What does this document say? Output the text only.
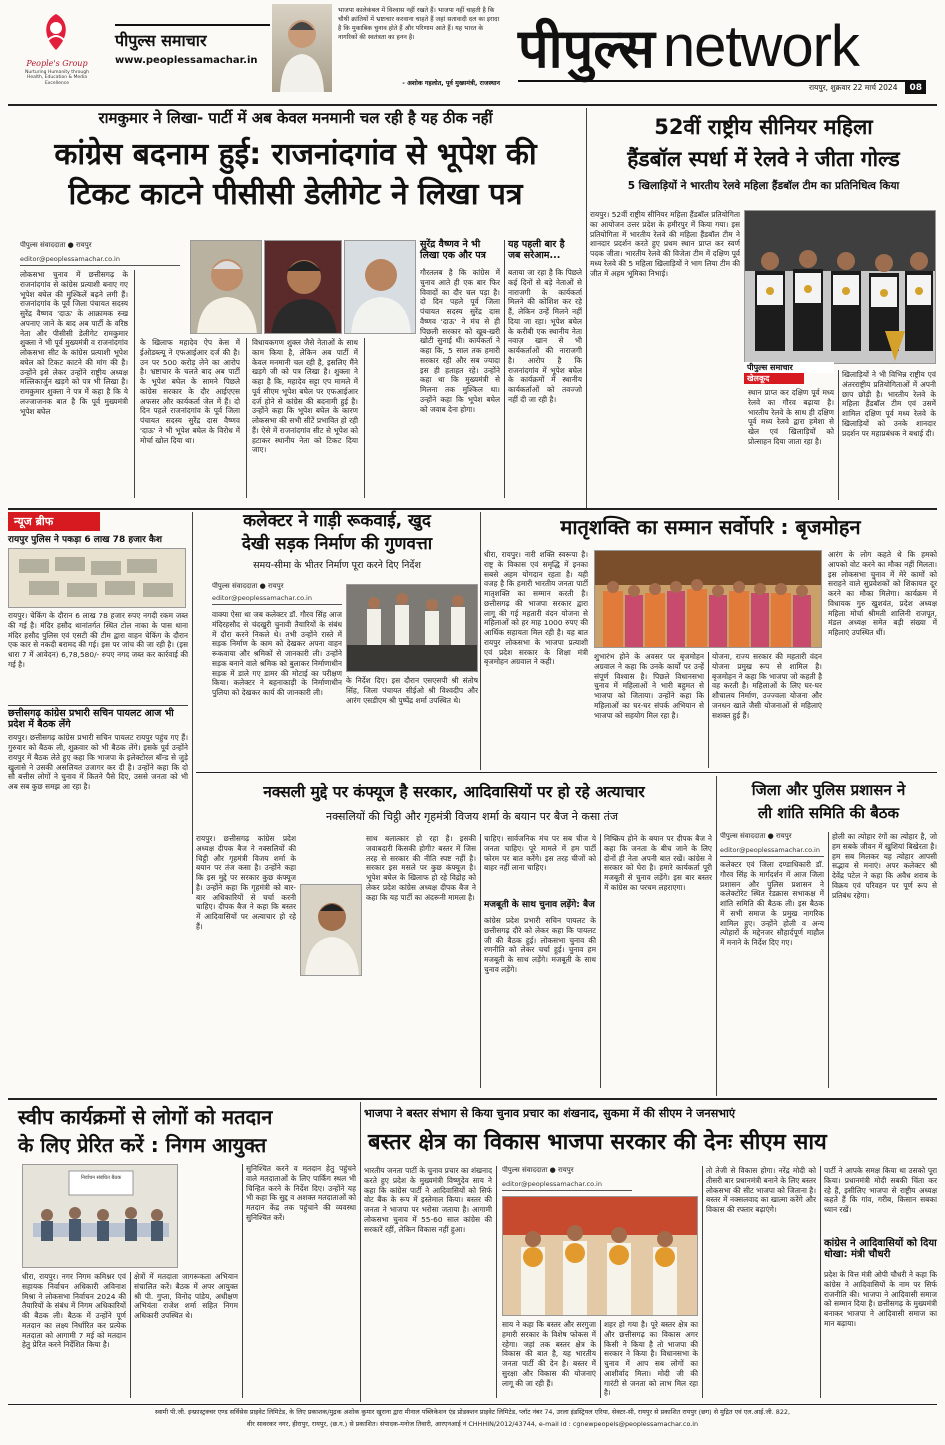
People's Group
Nurturing Humanity through Health, Education & Media Excellence
पीपुल्स समाचार
www.peoplessamachar.in
भाजपा कालेकंबल में विश्वास नहीं रखते हैं। भाजपा नहीं चाहती है कि चौथी क्रांतियों में भ्रष्टाचार करवाना चाहते हैं जहां सतावादी दल का इरादा है कि मुकाबिक चुनाव होते हैं और परिणाम आते हैं। यह भारत के नागरिकों की स्वतंत्रता का हनन है।
- अशोक गहलोत, पूर्व मुख्यमंत्री, राजस्थान
पीपुल्स network
रायपुर, शुक्रवार 22 मार्च 2024	08
रामकुमार ने लिखा- पार्टी में अब केवल मनमानी चल रही है यह ठीक नहीं
कांग्रेस बदनाम हुई: राजनांदगांव से भूपेश की
टिकट काटने पीसीसी डेलीगेट ने लिखा पत्र
पीपुल्स संवाददाता ● रायपुर
editor@peoplessamachar.co.in
लोकसभा चुनाव में छत्तीसगढ़ के राजनांदगांव से कांग्रेस प्रत्याशी बनाए गए भूपेश बघेल की मुश्किलें बढ़ने लगी हैं। राजनांदगांव के पूर्व जिला पंचायत सदस्य सुरेंद्र वैष्णव 'दाऊ' के आक्रामक रुख अपनाए जाने के बाद अब पार्टी के वरिष्ठ नेता और पीसीसी डेलीगेट रामकुमार शुक्ला ने भी पूर्व मुख्यमंत्री व राजनांदगांव लोकसभा सीट के कांग्रेस प्रत्याशी भूपेश बघेल को टिकट काटने की मांग की है। उन्होंने इसे लेकर उन्होंने राष्ट्रीय अध्यक्ष मल्लिकार्जुन खड़गे को पत्र भी लिखा है। रामकुमार शुक्ला ने पत्र में कहा है कि ये लज्जाजनक बात है कि पूर्व मुख्यमंत्री भूपेश बघेल
के खिलाफ महादेव ऐप केस में ईओडब्ल्यू ने एफआईआर दर्ज की है। उन पर 500 करोड़ लेने का आरोप है। भ्रष्टाचार के चलते बाद अब पार्टी के भूपेश बघेल के सामने पिछले कांग्रेस सरकार के दौर आईएएस अफसर और कार्यकर्ता जेल में हैं। दो दिन पहले राजनांदगांव के पूर्व जिला पंचायत सदस्य सुरेंद्र दास वैष्णव 'दाऊ' ने भी भूपेश बघेल के विरोध में मोर्चा खोल दिया था।
विधायकगण शुक्ल जैसे नेताओं के साथ काम किया है, लेकिन अब पार्टी में केवल मनमानी चल रही है, इसलिए मैंने खड़गे जी को पत्र लिखा है। शुक्ला ने कहा है कि, महादेव सट्टा एप मामले में पूर्व सीएम भूपेश बघेल पर एफआईआर दर्ज होने से कांग्रेस की बदनामी हुई है। उन्होंने कहा कि भूपेश बघेल के कारण लोकसभा की सभी सीटें प्रभावित हो रही हैं। ऐसे में राजनांदगांव सीट से भूपेश को हटाकर स्थानीय नेता को टिकट दिया जाए।
सुरेंद्र वैष्णव ने भी लिखा एक और पत्र
गौरतलब है कि कांग्रेस में चुनाव आते ही एक बार फिर विवादों का दौर चल पड़ा है। दो दिन पहले पूर्व जिला पंचायत सदस्य सुरेंद्र दास वैष्णव 'दाऊ' ने मंच से ही पिछली सरकार को खूब-खरी खोटी सुनाई थी। कार्यकर्ता ने कहा कि, 5 साल तक हमारी सरकार रही और सब ज्यादा इस ही हताहत रहे। उन्होंने कहा था कि मुख्यमंत्री से मिलना तक मुश्किल था। उन्होंने कहा कि भूपेश बघेल को जवाब देना होगा।
यह पहली बार है जब सरेआम...
बताया जा रहा है कि पिछले कई दिनों से बड़े नेताओं से नाराजगी के कार्यकर्ता मिलने की कोशिश कर रहे हैं, लेकिन उन्हें मिलने नहीं दिया जा रहा। भूपेश बघेल के करीबी एक स्थानीय नेता नवाज़ खान से भी कार्यकर्ताओं की नाराजगी है। आरोप है कि राजनांदगांव में भूपेश बघेल के कार्यक्रमों में स्थानीय कार्यकर्ताओं को तवज्जो नहीं दी जा रही है।
52वीं राष्ट्रीय सीनियर महिला
हैंडबॉल स्पर्धा में रेलवे ने जीता गोल्ड
5 खिलाड़ियों ने भारतीय रेलवे महिला हैंडबॉल टीम का प्रतिनिधित्व किया
रायपुर। 52वीं राष्ट्रीय सीनियर महिला हैंडबॉल प्रतियोगिता का आयोजन उत्तर प्रदेश के हमीरपुर में किया गया। इस प्रतियोगिता में भारतीय रेलवे की महिला हैंडबॉल टीम ने शानदार प्रदर्शन करते हुए प्रथम स्थान प्राप्त कर स्वर्ण पदक जीता। भारतीय रेलवे की विजेता टीम में दक्षिण पूर्व मध्य रेलवे की 5 महिला खिलाड़ियों ने भाग लिया टीम की जीत में अहम भूमिका निभाई।
पीपुल्स समाचार
खेलकूद
स्थान प्राप्त कर दक्षिण पूर्व मध्य रेलवे का गौरव बढ़ाया है। भारतीय रेलवे के साथ ही दक्षिण पूर्व मध्य रेलवे द्वारा हमेशा से खेल एवं खिलाड़ियों को प्रोत्साहन दिया जाता रहा है।
खिलाड़ियों ने भी विभिन्न राष्ट्रीय एवं अंतरराष्ट्रीय प्रतियोगिताओं में अपनी छाप छोड़ी है। भारतीय रेलवे के महिला हैंडबॉल टीम एवं उसमें शामिल दक्षिण पूर्व मध्य रेलवे के खिलाड़ियों को उनके शानदार प्रदर्शन पर महाप्रबंधक ने बधाई दी।
न्यूज ब्रीफ
रायपुर पुलिस ने पकड़ा 6 लाख 78 हजार कैश
रायपुर। चेकिंग के दौरान 6 लाख 78 हजार रुपए नगदी रकम जब्त की गई है। मंदिर हसौद थानांतर्गत स्थित टोल नाका के पास थाना मंदिर हसौद पुलिस एवं एसटी की टीम द्वारा वाहन चेकिंग के दौरान एक कार से नकदी बरामद की गई। इस पर जांच की जा रही है। (इस धारा 7 में आवेदन) 6,78,580/- रुपए नगद जब्त कर कार्रवाई की गई है।
छत्तीसगढ़ कांग्रेस प्रभारी सचिन पायलट आज भी प्रदेश में बैठक लेंगे
रायपुर। छत्तीसगढ़ कांग्रेस प्रभारी सचिन पायलट रायपुर पहुंच गए हैं। गुरुवार को बैठक ली, शुक्रवार को भी बैठक लेंगे। इसके पूर्व उन्होंने रायपुर में बैठक लेते हुए कहा कि भाजपा के इलेक्टोरल बॉन्ड से जुड़े खुलासे ने उसकी असलियत उजागर कर दी है। उन्होंने कहा कि दो सौ बत्तीस लोगों ने चुनाव में कितने पैसे दिए, उससे जनता को भी अब सब कुछ समझ आ रहा है।
कलेक्टर ने गाड़ी रूकवाई, खुद
देखी सड़क निर्माण की गुणवत्ता
समय-सीमा के भीतर निर्माण पूरा करने दिए निर्देश
पीपुल्स संवाददाता ● रायपुर
editor@peoplessamachar.co.in
वाक्या ऐसा था जब कलेक्टर डॉ. गौरव सिंह आज मंदिरहसौद से चंदखुरी चुनावी तैयारियों के संबंध में दौरा करने निकले थे। तभी उन्होंने रास्ते में सड़क निर्माण के काम को देखकर अपना वाहन रूकवाया और श्रमिकों से जानकारी ली। उन्होंने सड़क बनाने वाले श्रमिक को बुलाकर निर्माणाधीन सड़क में डाले गए डामर की मोटाई का परीक्षण किया। कलेक्टर ने बहनाकाड़ी के निर्माणाधीन पुलिया को देखकर कार्य की जानकारी ली।
के निर्देश दिए। इस दौरान एसएसपी श्री संतोष सिंह, जिला पंचायत सीईओ श्री विश्वदीप और आरंग एसडीएम श्री पुष्पेंद्र शर्मा उपस्थित थे।
मातृशक्ति का सम्मान सर्वोपरि : बृजमोहन
धीरा, रायपुर। नारी शक्ति स्वरूपा है। राष्ट्र के विकास एवं समृद्धि में इनका सबसे अहम योगदान रहता है। यही वजह है कि हमारी भारतीय जनता पार्टी मातृशक्ति का सम्मान करती है। छत्तीसगढ़ की भाजपा सरकार द्वारा लागू की गई महतारी वंदन योजना से महिलाओं को हर माह 1000 रुपए की आर्थिक सहायता मिल रही है। यह बात रायपुर लोकसभा के भाजपा प्रत्याशी एवं प्रदेश सरकार के शिक्षा मंत्री बृजमोहन अग्रवाल ने कही।
शुभारंभ होने के अवसर पर बृजमोहन अग्रवाल ने कहा कि उनके कार्यों पर उन्हें संपूर्ण विश्वास है। पिछले विधानसभा चुनाव में महिलाओं ने भारी बहुमत से भाजपा को जिताया। उन्होंने कहा कि महिलाओं का घर-घर संपर्क अभियान से भाजपा को सहयोग मिल रहा है।
योजना, राज्य सरकार की महतारी वंदन योजना प्रमुख रूप से शामिल है। बृजमोहन ने कहा कि भाजपा जो कहती है वह करती है। महिलाओं के लिए घर-घर शौचालय निर्माण, उज्ज्वला योजना और जनधन खाते जैसी योजनाओं से महिलाएं सशक्त हुई हैं।
आरंग के लोग कहते थे कि हमको आपको वोट करने का मौका नहीं मिलता। इस लोकसभा चुनाव में मेरे कामों को सराहने वाले सुप्रवेशकों को शिकायत दूर करने का मौका मिलेगा। कार्यक्रम में विधायक गुरु खुशवंत, प्रदेश अध्यक्ष महिला मोर्चा श्रीमती शालिनी राजपूत, मंडल अध्यक्ष समेत बड़ी संख्या में महिलाएं उपस्थित थीं।
नक्सली मुद्दे पर कंफ्यूज है सरकार, आदिवासियों पर हो रहे अत्याचार
नक्सलियों की चिट्ठी और गृहमंत्री विजय शर्मा के बयान पर बैज ने कसा तंज
रायपुर। छत्तीसगढ़ कांग्रेस प्रदेश अध्यक्ष दीपक बैज ने नक्सलियों की चिट्ठी और गृहमंत्री विजय शर्मा के बयान पर तंज कसा है। उन्होंने कहा कि इस मुद्दे पर सरकार कुछ कंफ्यूज है। उन्होंने कहा कि गृहमंत्री को बार-बार अधिकारियों से चर्चा करनी चाहिए। दीपक बैज ने कहा कि बस्तर में आदिवासियों पर अत्याचार हो रहे हैं।
साथ बलात्कार हो रहा है। इसकी जवाबदारी किसकी होगी? बस्तर में जिस तरह से सरकार की नीति स्पष्ट नहीं है। सरकार इस मसले पर कुछ कंफ्यूज है। भूपेश बघेल के खिलाफ हो रहे विद्रोह को लेकर प्रदेश कांग्रेस अध्यक्ष दीपक बैज ने कहा कि यह पार्टी का अंदरूनी मामला है।
चाहिए। सार्वजनिक मंच पर सब चीज ये जनता चाहिए। पूरे मामले में हम पार्टी फोरम पर बात करेंगे। इस तरह चीजों को बाहर नहीं लाना चाहिए।
मजबूती के साथ चुनाव लड़ेंगे: बैज
कांग्रेस प्रदेश प्रभारी सचिन पायलट के छत्तीसगढ़ दौरे को लेकर कहा कि पायलट जी की बैठक हुई। लोकसभा चुनाव की रणनीति को लेकर चर्चा हुई। चुनाव हम मजबूती के साथ लड़ेंगे। मजबूती के साथ चुनाव लड़ेंगे।
निष्क्रिय होने के बयान पर दीपक बैज ने कहा कि जनता के बीच जाने के लिए दोनों ही नेता अपनी बात रखें। कांग्रेस ने सरकार को घेरा है। हमारे कार्यकर्ता पूरी मजबूती से चुनाव लड़ेंगे। इस बार बस्तर में कांग्रेस का परचम लहराएगा।
जिला और पुलिस प्रशासन ने
ली शांति समिति की बैठक
पीपुल्स संवाददाता ● रायपुर
editor@peoplessamachar.co.in
कलेक्टर एवं जिला दण्डाधिकारी डॉ. गौरव सिंह के मार्गदर्शन में आज जिला प्रशासन और पुलिस प्रशासन ने कलेक्टोरेट स्थित रेडक्रास सभाकक्ष में शांति समिति की बैठक ली। इस बैठक में सभी समाज के प्रमुख नागरिक शामिल हुए। उन्होंने होली व अन्य त्योहारों के मद्देनजर सौहार्दपूर्ण माहौल में मनाने के निर्देश दिए गए।
होली का त्योहार रंगों का त्योहार है, जो हम सबके जीवन में खुशियां बिखेरता है। हम सब मिलकर यह त्योहार आपसी सद्भाव से मनाएं। अपर कलेक्टर श्री देवेंद्र पटेल ने कहा कि अवैध शराब के विक्रय एवं परिवहन पर पूर्ण रूप से प्रतिबंध रहेगा।
स्वीप कार्यक्रमों से लोगों को मतदान
के लिए प्रेरित करें : निगम आयुक्त
निर्वाचन संबंधित बैठक
धीरा, रायपुर। नगर निगम कमिश्नर एवं सहायक निर्वाचन अधिकारी अविनाश मिश्रा ने लोकसभा निर्वाचन 2024 की तैयारियों के संबंध में निगम अधिकारियों की बैठक ली। बैठक में उन्होंने पूर्ण मतदान का लक्ष्य निर्धारित कर प्रत्येक मतदाता को आगामी 7 मई को मतदान हेतु प्रेरित करने निर्देशित किया है।
क्षेत्रों में मतदाता जागरूकता अभियान संचालित करें। बैठक में अपर आयुक्त श्री पी. गुप्ता, विनोद पांडेय, अधीक्षण अभियंता राजेश शर्मा सहित निगम अधिकारी उपस्थित थे।
सुनिश्चित करने व मतदान हेतु पहुंचने वाले मतदाताओं के लिए पार्किंग स्थल भी चिन्हित करने के निर्देश दिए। उन्होंने यह भी कहा कि सुद्द व अशक्त मतदाताओं को मतदान केंद्र तक पहुंचाने की व्यवस्था सुनिश्चित करें।
भाजपा ने बस्तर संभाग से किया चुनाव प्रचार का शंखनाद, सुकमा में की सीएम ने जनसभाएं
बस्तर क्षेत्र का विकास भाजपा सरकार की देनः सीएम साय
पीपुल्स संवाददाता ● रायपुर
editor@peoplessamachar.co.in
भारतीय जनता पार्टी के चुनाव प्रचार का शंखनाद करते हुए प्रदेश के मुख्यमंत्री विष्णुदेव साय ने कहा कि कांग्रेस पार्टी ने आदिवासियों को सिर्फ वोट बैंक के रूप में इस्तेमाल किया। बस्तर की जनता ने भाजपा पर भरोसा जताया है। आगामी लोकसभा चुनाव में 55-60 साल कांग्रेस की सरकारें रहीं, लेकिन विकास नहीं हुआ।
साय ने कहा कि बस्तर और सरगुजा हमारी सरकार के विशेष फोकस में रहेगा। जहां तक बस्तर क्षेत्र के विकास की बात है, यह भारतीय जनता पार्टी की देन है। बस्तर में सुरक्षा और विकास की योजनाएं लागू की जा रही हैं।
शहर हो गया है। पूरे बस्तर क्षेत्र का और छत्तीसगढ़ का विकास अगर किसी ने किया है तो भाजपा की सरकार ने किया है। विधानसभा के चुनाव में आप सब लोगों का आशीर्वाद मिला। मोदी जी की गारंटी से जनता को लाभ मिल रहा है।
तो तेजी से विकास होगा। नरेंद्र मोदी को तीसरी बार प्रधानमंत्री बनाने के लिए बस्तर लोकसभा की सीट भाजपा को जिताना है। बस्तर में नक्सलवाद का खात्मा करेंगे और विकास की रफ्तार बढ़ाएंगे।
पार्टी ने आपके समक्ष किया था उसको पूरा किया। प्रधानमंत्री मोदी सबकी चिंता कर रहे हैं, इसीलिए भाजपा से राष्ट्रीय अध्यक्ष कहते हैं कि गांव, गरीब, किसान सबका ध्यान रखें।
कांग्रेस ने आदिवासियों को दिया धोखा: मंत्री चौधरी
प्रदेश के वित्त मंत्री ओपी चौधरी ने कहा कि कांग्रेस ने आदिवासियों के नाम पर सिर्फ राजनीति की। भाजपा ने आदिवासी समाज को सम्मान दिया है। छत्तीसगढ़ के मुख्यमंत्री बनाकर भाजपा ने आदिवासी समाज का मान बढ़ाया।
स्वामी पी.जी. इन्फ्रास्ट्रक्चर एण्ड सर्विसेस प्राइवेट लिमिटेड, के लिए प्रकाशक/मुद्रक अशोक कुमार खुराना द्वारा मीनाल पब्लिकेशन एंड प्रोडक्शन प्राइवेट लिमिटेड, प्लॉट नंबर 74, उरला इंडस्ट्रियल एरिया, सेक्टर-सी, रायपुर से प्रकाशित रायपुर (छग) से मुद्रित एवं एल.आई.जी. 822,
वीर सावरकर नगर, हीरापुर, रायपुर, (छ.ग.) से प्रकाशित। संपादक-मनोज तिवारी, आरएनआई नं CHHHIN/2012/43744, e-mail id : cgnewpeopels@peoplessamachar.co.in
